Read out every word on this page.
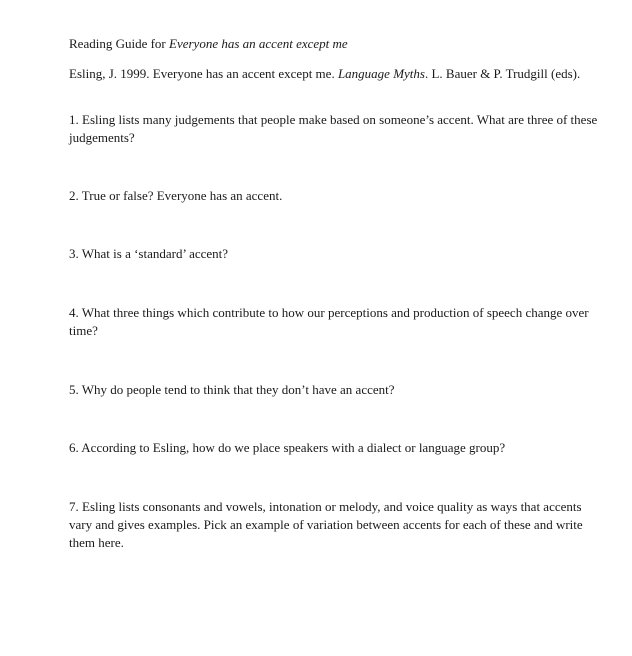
Reading Guide for Everyone has an accent except me

Esling, J. 1999. Everyone has an accent except me. Language Myths. L. Bauer & P. Trudgill (eds).

1. Esling lists many judgements that people make based on someone’s accent. What are three of these judgements?

2. True or false? Everyone has an accent.

3. What is a ‘standard’ accent?

4. What three things which contribute to how our perceptions and production of speech change over time?

5. Why do people tend to think that they don’t have an accent?

6. According to Esling, how do we place speakers with a dialect or language group?

7. Esling lists consonants and vowels, intonation or melody, and voice quality as ways that accents vary and gives examples. Pick an example of variation between accents for each of these and write them here.
